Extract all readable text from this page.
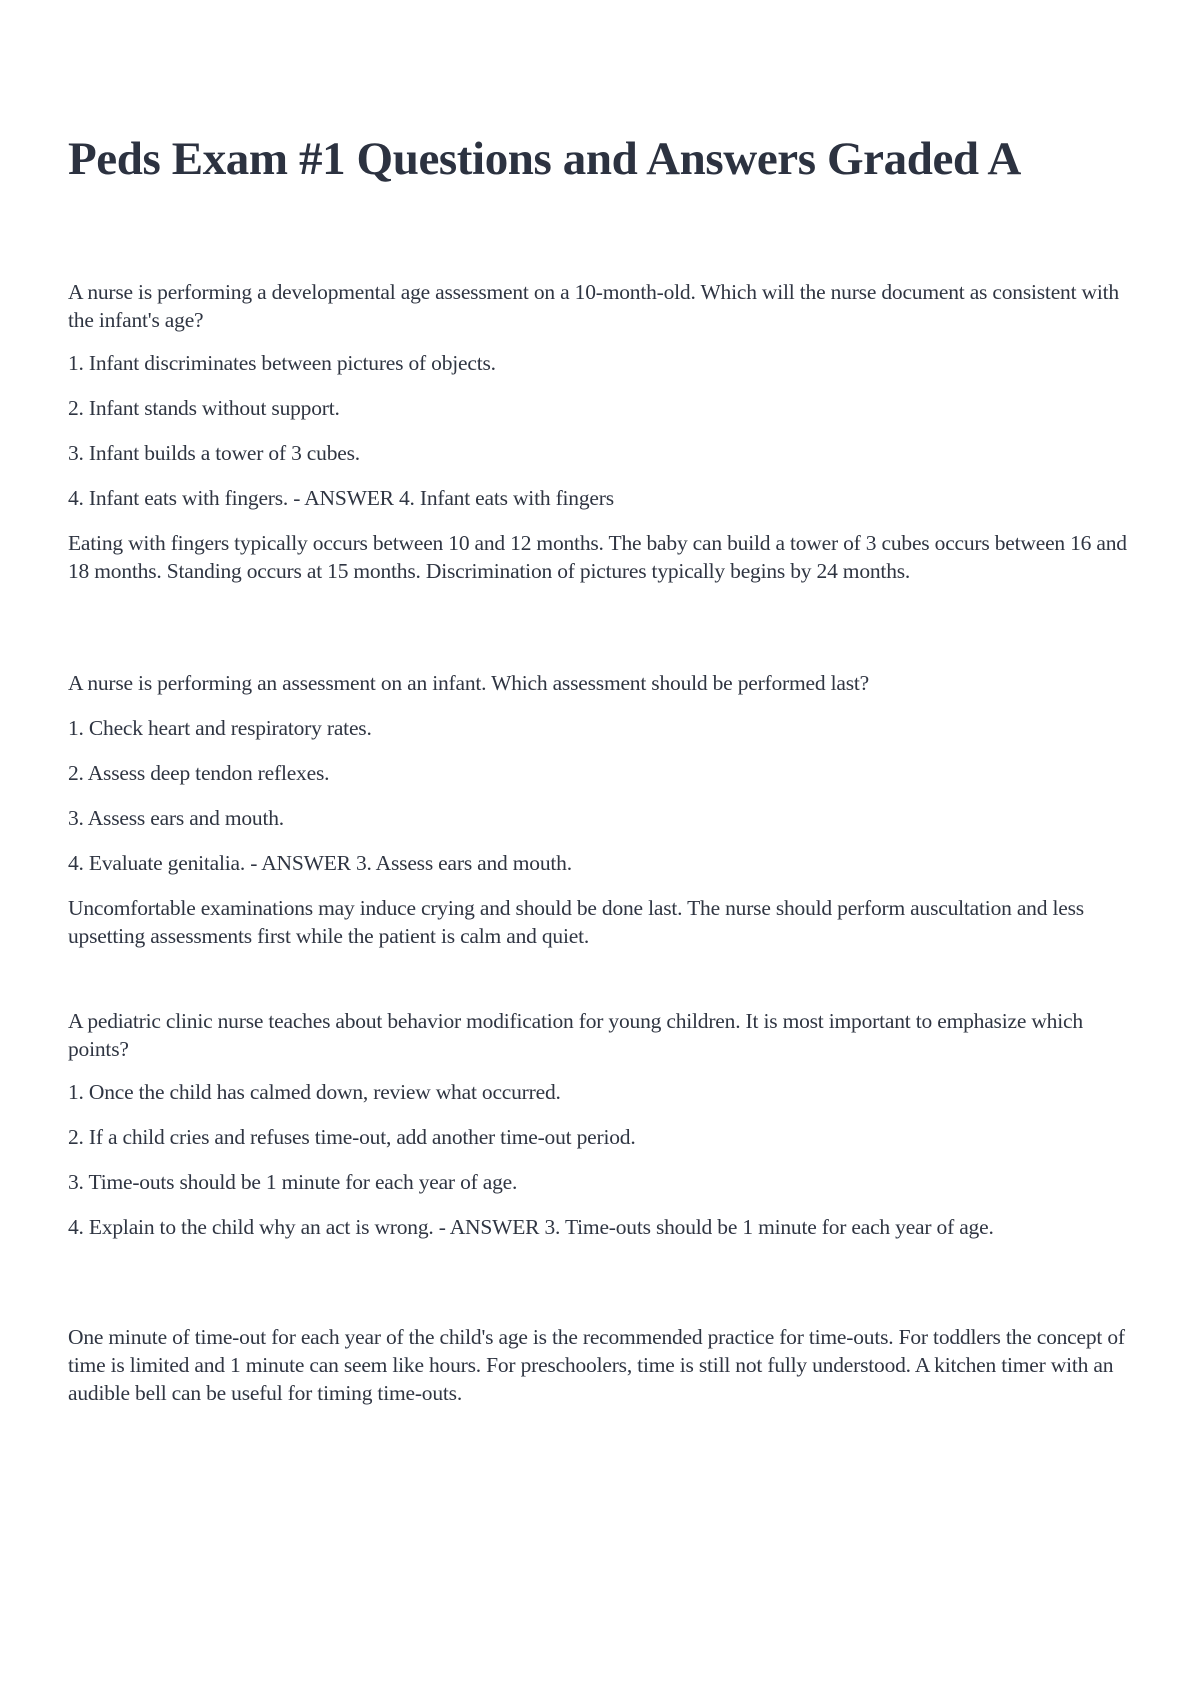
Peds Exam #1 Questions and Answers Graded A

A nurse is performing a developmental age assessment on a 10-month-old. Which will the nurse document as consistent with the infant's age?

1. Infant discriminates between pictures of objects.
2. Infant stands without support.
3. Infant builds a tower of 3 cubes.
4. Infant eats with fingers. - ANSWER 4. Infant eats with fingers

Eating with fingers typically occurs between 10 and 12 months. The baby can build a tower of 3 cubes occurs between 16 and 18 months. Standing occurs at 15 months. Discrimination of pictures typically begins by 24 months.

A nurse is performing an assessment on an infant. Which assessment should be performed last?
1. Check heart and respiratory rates.
2. Assess deep tendon reflexes.
3. Assess ears and mouth.
4. Evaluate genitalia. - ANSWER 3. Assess ears and mouth.

Uncomfortable examinations may induce crying and should be done last. The nurse should perform auscultation and less upsetting assessments first while the patient is calm and quiet.

A pediatric clinic nurse teaches about behavior modification for young children. It is most important to emphasize which points?

1. Once the child has calmed down, review what occurred.
2. If a child cries and refuses time-out, add another time-out period.
3. Time-outs should be 1 minute for each year of age.

4. Explain to the child why an act is wrong. - ANSWER 3. Time-outs should be 1 minute for each year of age.

One minute of time-out for each year of the child's age is the recommended practice for time-outs. For toddlers the concept of time is limited and 1 minute can seem like hours. For preschoolers, time is still not fully understood. A kitchen timer with an audible bell can be useful for timing time-outs.
